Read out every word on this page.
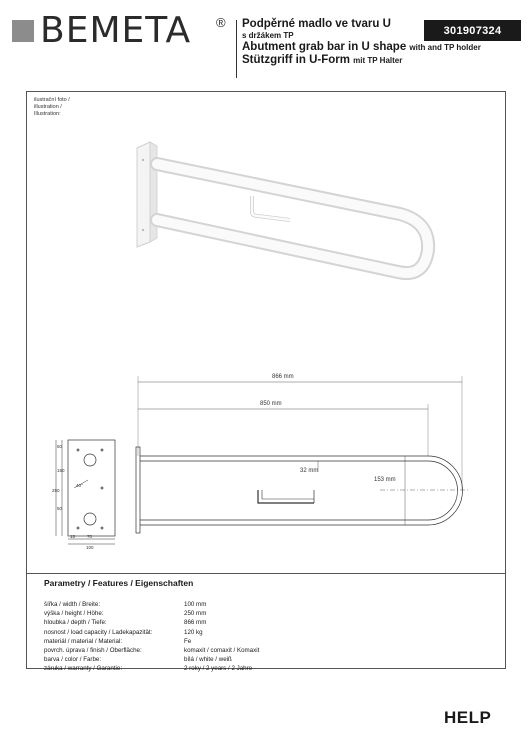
BEMETA ® Podpěrné madlo ve tvaru U
s držákem TP
Abutment grab bar in U shape with and TP holder
Stützgriff in U-Form mit TP Halter
301907324
ilustrační foto /
illustration /
Illustration:
866 mm
850 mm
32 mm
153 mm
50
150
250
50
15	70
100
40°
Parametry / Features / Eigenschaften
šířka / width / Breite:	100 mm
výška / height / Höhe:	250 mm
hloubka / depth / Tiefe:	866 mm
nosnost / load capacity / Ladekapazität:	120 kg
materiál / material / Material:	Fe
povrch. úprava / finish / Oberfläche:	komaxit / comaxit / Komaxit
barva / color / Farbe:	bílá / white / weiß
záruka / warranty / Garantie:	2 roky / 2 years / 2 Jahre
HELP
